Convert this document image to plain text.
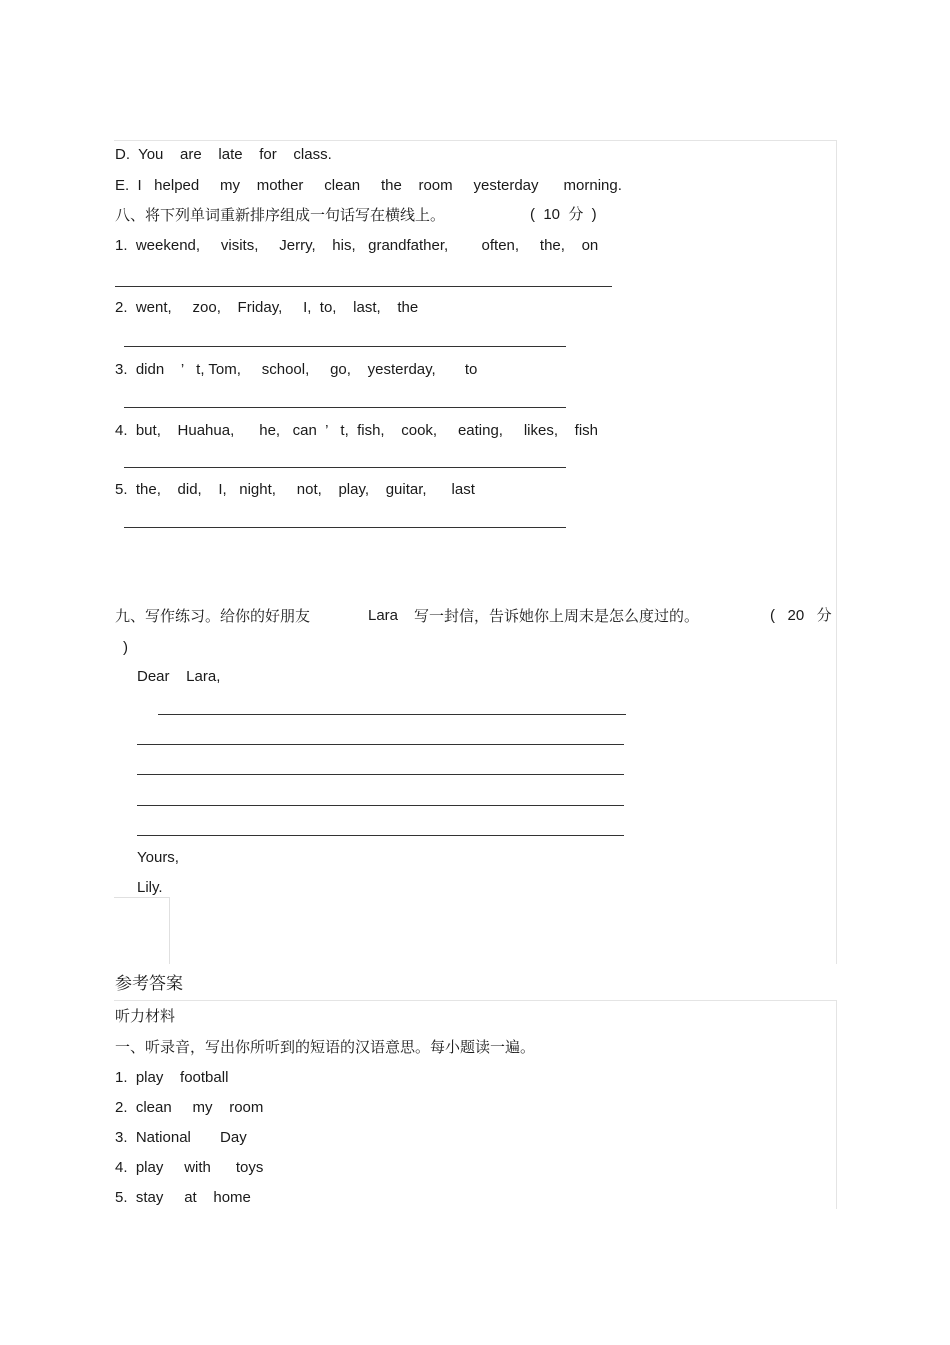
D.  You    are    late    for    class.
E.  I   helped     my    mother     clean     the    room     yesterday      morning.
八、将下列单词重新排序组成一句话写在横线上。	(  10  分  )
1.  weekend,     visits,     Jerry,    his,   grandfather,        often,     the,    on
2.  went,     zoo,    Friday,     I,  to,    last,    the
3.  didn    ’   t, Tom,     school,     go,    yesterday,       to
4.  but,    Huahua,      he,   can  ’   t,  fish,    cook,     eating,     likes,    fish
5.  the,    did,    I,   night,     not,    play,    guitar,      last
九、写作练习。给你的好朋友	Lara 写一封信，告诉她你上周末是怎么度过的。	(   20   分
)
Dear    Lara,
Yours,
Lily.
参考答案
听力材料
一、听录音，写出你所听到的短语的汉语意思。每小题读一遍。
1.  play    football
2.  clean     my    room
3.  National       Day
4.  play     with      toys
5.  stay     at    home
